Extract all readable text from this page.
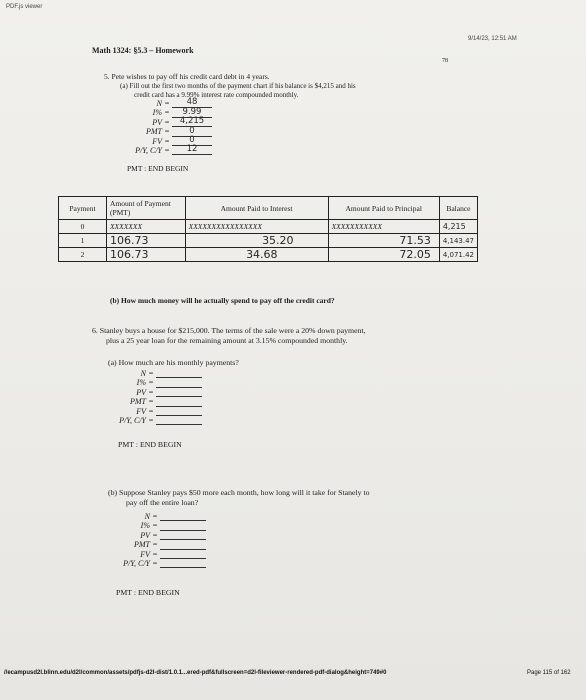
PDF.js viewer
9/14/23, 12:51 AM
Math 1324: §5.3 – Homework
78
5. Pete wishes to pay off his credit card debt in 4 years.
(a) Fill out the first two months of the payment chart if his balance is $4,215 and his
credit card has a 9.99% interest rate compounded monthly.
N =	48
I% =	9.99
PV =	4,215
PMT =	0
FV =	0
P/Y, C/Y =	12
PMT : END BEGIN
Payment	Amount of Payment (PMT)	Amount Paid to Interest	Amount Paid to Principal	Balance
0	XXXXXXX	XXXXXXXXXXXXXXXX	XXXXXXXXXXX	4,215
1	106.73	35.20	71.53	4,143.47
2	106.73	34.68	72.05	4,071.42
(b) How much money will he actually spend to pay off the credit card?
6. Stanley buys a house for $215,000. The terms of the sale were a 20% down payment,
plus a 25 year loan for the remaining amount at 3.15% compounded monthly.
(a) How much are his monthly payments?
N =
I% =
PV =
PMT =
FV =
P/Y, C/Y =
PMT : END BEGIN
(b) Suppose Stanley pays $50 more each month, how long will it take for Stanely to
pay off the entire loan?
N =
I% =
PV =
PMT =
FV =
P/Y, C/Y =
PMT : END BEGIN
//ecampusd2l.blinn.edu/d2l/common/assets/pdfjs-d2l-dist/1.0.1...ered-pdf&fullscreen=d2l-fileviewer-rendered-pdf-dialog&height=749#0	Page 115 of 162
